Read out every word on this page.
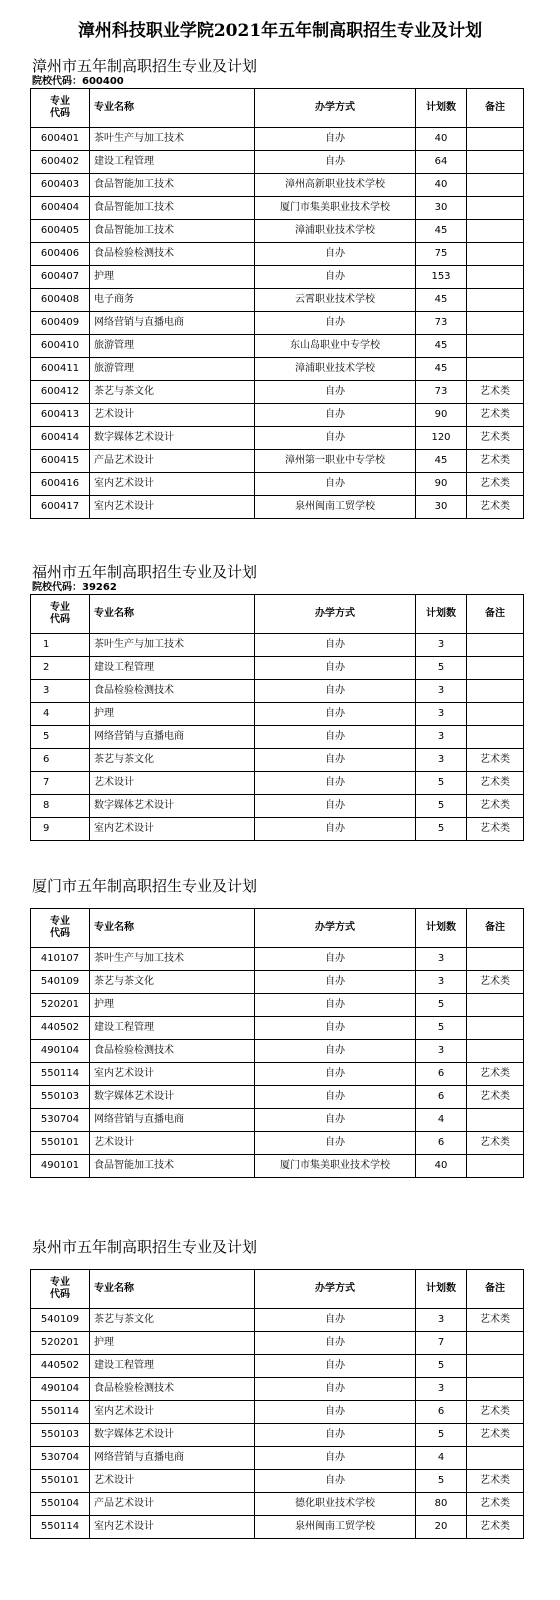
漳州科技职业学院2021年五年制高职招生专业及计划

漳州市五年制高职招生专业及计划

院校代码：600400

专业
代码	专业名称	办学方式	计划数	备注
600401	茶叶生产与加工技术	自办	40	
600402	建设工程管理	自办	64	
600403	食品智能加工技术	漳州高新职业技术学校	40	
600404	食品智能加工技术	厦门市集美职业技术学校	30	
600405	食品智能加工技术	漳浦职业技术学校	45	
600406	食品检验检测技术	自办	75	
600407	护理	自办	153	
600408	电子商务	云霄职业技术学校	45	
600409	网络营销与直播电商	自办	73	
600410	旅游管理	东山岛职业中专学校	45	
600411	旅游管理	漳浦职业技术学校	45	
600412	茶艺与茶文化	自办	73	艺术类
600413	艺术设计	自办	90	艺术类
600414	数字媒体艺术设计	自办	120	艺术类
600415	产品艺术设计	漳州第一职业中专学校	45	艺术类
600416	室内艺术设计	自办	90	艺术类
600417	室内艺术设计	泉州闽南工贸学校	30	艺术类

福州市五年制高职招生专业及计划

院校代码：39262

专业
代码	专业名称	办学方式	计划数	备注
1	茶叶生产与加工技术	自办	3	
2	建设工程管理	自办	5	
3	食品检验检测技术	自办	3	
4	护理	自办	3	
5	网络营销与直播电商	自办	3	
6	茶艺与茶文化	自办	3	艺术类
7	艺术设计	自办	5	艺术类
8	数字媒体艺术设计	自办	5	艺术类
9	室内艺术设计	自办	5	艺术类

厦门市五年制高职招生专业及计划

专业
代码	专业名称	办学方式	计划数	备注
410107	茶叶生产与加工技术	自办	3	
540109	茶艺与茶文化	自办	3	艺术类
520201	护理	自办	5	
440502	建设工程管理	自办	5	
490104	食品检验检测技术	自办	3	
550114	室内艺术设计	自办	6	艺术类
550103	数字媒体艺术设计	自办	6	艺术类
530704	网络营销与直播电商	自办	4	
550101	艺术设计	自办	6	艺术类
490101	食品智能加工技术	厦门市集美职业技术学校	40	

泉州市五年制高职招生专业及计划

专业
代码	专业名称	办学方式	计划数	备注
540109	茶艺与茶文化	自办	3	艺术类
520201	护理	自办	7	
440502	建设工程管理	自办	5	
490104	食品检验检测技术	自办	3	
550114	室内艺术设计	自办	6	艺术类
550103	数字媒体艺术设计	自办	5	艺术类
530704	网络营销与直播电商	自办	4	
550101	艺术设计	自办	5	艺术类
550104	产品艺术设计	德化职业技术学校	80	艺术类
550114	室内艺术设计	泉州闽南工贸学校	20	艺术类
